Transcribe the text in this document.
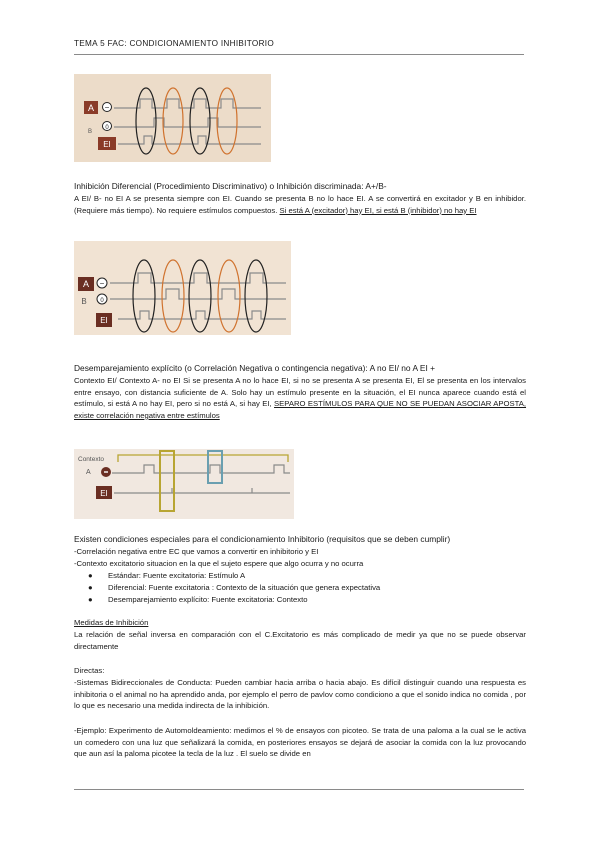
TEMA 5 FAC: CONDICIONAMIENTO INHIBITORIO
A
B
EI
−
0
Inhibición Diferencial (Procedimiento Discriminativo) o Inhibición discriminada: A+/B-
A EI/ B- no EI A se presenta siempre con EI. Cuando se presenta B no lo hace EI. A se convertirá en excitador y B en inhibidor. (Requiere más tiempo). No requiere estímulos compuestos. Si está A (excitador) hay EI, si está B (inhibidor) no hay EI
A
B
EI
−
0
Desemparejamiento explícito (o Correlación Negativa o contingencia negativa): A no EI/ no A EI +
Contexto EI/ Contexto A- no EI Si se presenta A no lo hace EI, si no se presenta A se presenta EI, El se presenta en los intervalos entre ensayo, con distancia suficiente de A. Solo hay un estímulo presente en la situación, el EI nunca aparece cuando está el estímulo, si está A no hay EI, pero si no está A, si hay EI, SEPARO ESTÍMULOS PARA QUE NO SE PUEDAN ASOCIAR APOSTA, existe correlación negativa entre estímulos
Contexto
A
EI
Existen condiciones especiales para el condicionamiento Inhibitorio (requisitos que se deben cumplir)
-Correlación negativa entre EC que vamos a convertir en inhibitorio y EI
-Contexto excitatorio situacion en la que el sujeto espere que algo ocurra y no ocurra
● Estándar: Fuente excitatoria: Estímulo A
● Diferencial: Fuente excitatoria : Contexto de la situación que genera expectativa
● Desemparejamiento explícito: Fuente excitatoria: Contexto
Medidas de Inhibición
La relación de señal inversa en comparación con el C.Excitatorio es más complicado de medir ya que no se puede observar directamente
Directas:
-Sistemas Bidireccionales de Conducta: Pueden cambiar hacia arriba o hacia abajo. Es difícil distinguir cuando una respuesta es inhibitoria o el animal no ha aprendido anda, por ejemplo el perro de pavlov como condiciono a que el sonido indica no comida , por lo que es necesario una medida indirecta de la inhibición.
-Ejemplo: Experimento de Automoldeamiento: medimos el % de ensayos con picoteo. Se trata de una paloma a la cual se le activa un comedero con una luz que señalizará la comida, en posteriores ensayos se dejará de asociar la comida con la luz provocando que aun así la paloma picotee la tecla de la luz . El suelo se divide en
